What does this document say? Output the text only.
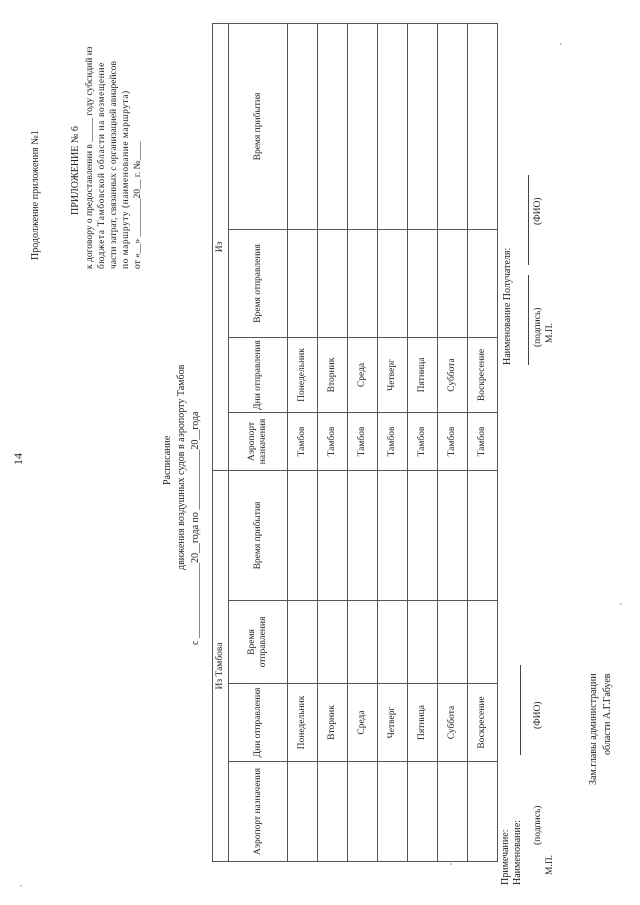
14
Продолжение приложения №1	ПРИЛОЖЕНИЕ № 6 к договору о предоставлении в _____ году субсидий из бюджета Тамбовской области на возмещение части затрат, связанных с организацией авиарейсов по маршруту (наименование маршрута) от «__» ________20__ г. №____
Расписание движения воздушных судов в аэропорту Тамбов с _______________20__года по ____________20__года
Из Тамбова				Из			
Аэропорт назначения	Дни отправления	Время отправления	Время прибытия	Аэропорт назначения	Дни отправления	Время отправления	Время прибытия
	Понедельник			Тамбов	Понедельник		
	Вторник			Тамбов	Вторник		
	Среда			Тамбов	Среда		
	Четверг			Тамбов	Четверг		
	Пятница			Тамбов	Пятница		
	Суббота			Тамбов	Суббота		
	Воскресение			Тамбов	Воскресение		
Примечание: Наименование: (подпись)
(ФИО)
М.П.
Наименование Получателя: (подпись)
(ФИО)
М.П.
Зам.главы администрации области А.Г.Габуев
